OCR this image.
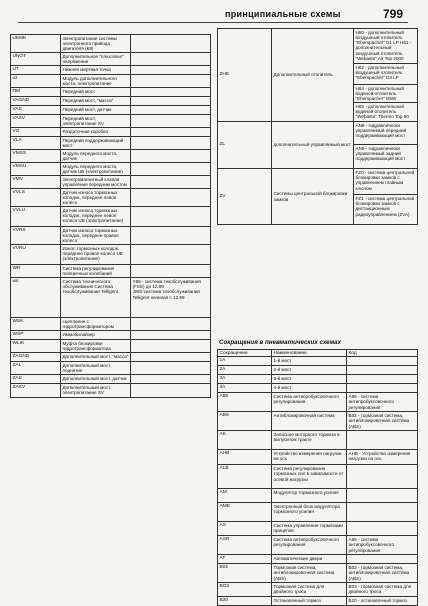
принципиальные схемы	799
UEMK	Электропитание системы электронного привода двигателя (К8)	
UNOT	Дополнительное "плюсовое" напряжение	
UT	Нижняя мертвая точка	
uz	Модуль дополнительного моста, электропитание	
ПМ	Передний мост	
VAGND	Передний мост, "масса"	
VAS	Передний мост, датчик	
VASV	Передний мост, электропитание SV	
VG	Раздаточная коробка	
VLA	Передний поддерживающий мост	
VMSS	Модуль переднего моста, датчик	
VMSU	Модуль переднего моста, датчик UB (электропитание)	
VMV	Электромагнитный клапан управления передним мостом	
VVLS	Датчик износа тормозных колодок, переднее левое колесо	
VVLU	Датчик износа тормозных колодок, переднее левое колесо UB (электропитание)	
VVRS	Датчик износа тормозных колодок, переднее правое колесо	
VVRU	Износ тормозных колодок, переднее правое колесо UB (электропитание)	
WR	Система регулирования поперечных колебаний	
ws	Система технического обслуживания Система техобслуживания Telligent	Y88 - система техобслуживания (FSS) до 12.99
JWS-система техобслуживания Telligent начиная с 12.99
WSK	сцепление с гидротрансформатором	
WSP	Иммобилайзер	
WLIK	Муфта блокировки гидротрансформатора	
ZAGND	Дополнительный мост, "масса"	
ZAL	Дополнительный мост, поднятие	
ZAS	Дополнительный мост, датчик	
ZASV	Дополнительный мост, электропитание SV	
ZHE	Дополнительный отопитель	H60 - дополнительный воздушный отопитель "Eberspacher" D1 LP H61 - дополнительный воздушный отопитель "Webasto" Air Top 2000
		H62 - дополнительный воздушный отопитель "Eberspacher" D3 LP
		H64 - дополнительный водяной отопитель "Eberspacher" D5W
		H65 - дополнительный водяной отопитель "Webasto" Thermo Top 90
ZL	дополнительный управляемый мост	AN8 - гидравлически управляемый передний поддерживающий мост
		AN9 - гидравлически управляемый задний поддерживающий мост
ZV	Системы центральной блокировки замков	FZ0 - система центральной блокировки замков с управлением главным ключом
		FZ1 - система центральной блокировки замков с дистанционным радиоуправлением (ZVA)
Сокращения в пневматических схемах
Сокращение	Наименование	Код
1A	1-й мост	
2A	2-й мост	
3A	3-й мост	
4A	4-й мост	
A86	Система антипробуксовочного регулирования	A86 - система антипробуксовочного регулирования
ABS	Антиблокировочная система	B02 - тормозная система, антиблокировочная система (ABS)
AK	Запасное моторного тормоза в выпускном тракте	
AHB	Устройство измерения нагрузки на ось	AHB - Устройство измерения нагрузки на ось
ALB	Система регулирования тормозных сил в зависимости от осевой нагрузки	
AM	Модулятор тормозного усилия	
AME	Электронный блок модулятора тормозного усилия	
AS	Система управления тормозами прицепов	
ASR	Система антипробуксовочного регулирования	A86 - система антипробуксовочного регулирования
AT	Автоматические двери	
B02	Тормозная система, антиблокировочная система (ABS)	B02 - тормозная система, антиблокировочная система (ABS)
BO3	Тормозная система для двойного троса	B03 - тормозная система для двойного троса
B20	Остановочный тормоз	B20 - остановочный тормоз
